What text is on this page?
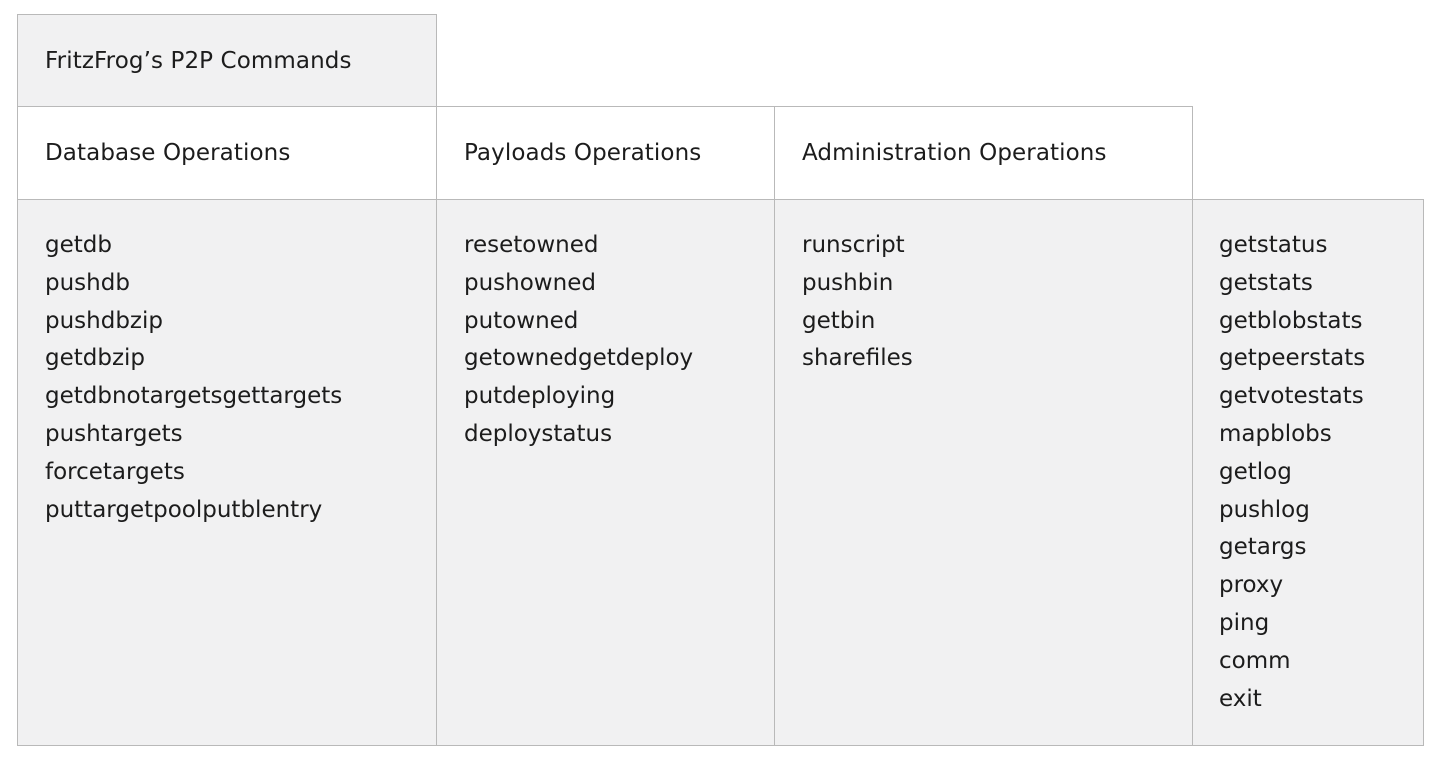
FritzFrog’s P2P Commands
Database Operations	Payloads Operations	Administration Operations
getdb
pushdb
pushdbzip
getdbzip
getdbnotargetsgettargets
pushtargets
forcetargets
puttargetpoolputblentry
resetowned
pushowned
putowned
getownedgetdeploy
putdeploying
deploystatus
runscript
pushbin
getbin
sharefiles
getstatus
getstats
getblobstats
getpeerstats
getvotestats
mapblobs
getlog
pushlog
getargs
proxy
ping
comm
exit
